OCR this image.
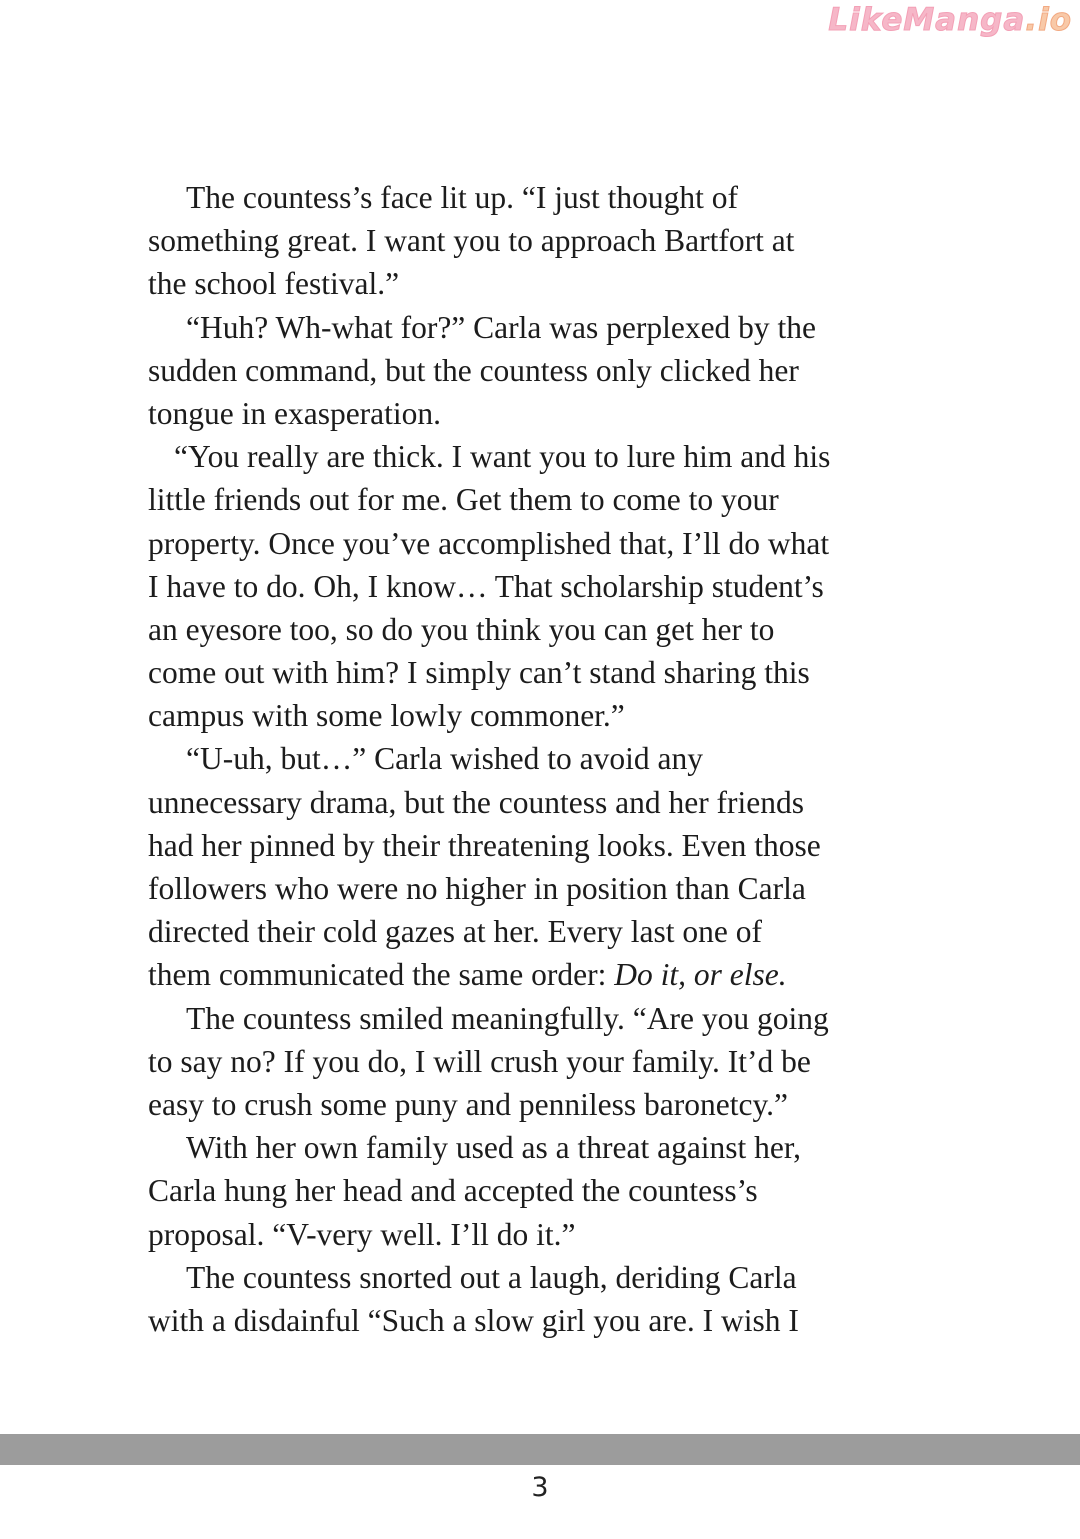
LikeManga.io
The countess’s face lit up. “I just thought of
something great. I want you to approach Bartfort at
the school festival.”
“Huh? Wh-what for?” Carla was perplexed by the
sudden command, but the countess only clicked her
tongue in exasperation.
“You really are thick. I want you to lure him and his
little friends out for me. Get them to come to your
property. Once you’ve accomplished that, I’ll do what
I have to do. Oh, I know… That scholarship student’s
an eyesore too, so do you think you can get her to
come out with him? I simply can’t stand sharing this
campus with some lowly commoner.”
“U-uh, but…” Carla wished to avoid any
unnecessary drama, but the countess and her friends
had her pinned by their threatening looks. Even those
followers who were no higher in position than Carla
directed their cold gazes at her. Every last one of
them communicated the same order: Do it, or else.
The countess smiled meaningfully. “Are you going
to say no? If you do, I will crush your family. It’d be
easy to crush some puny and penniless baronetcy.”
With her own family used as a threat against her,
Carla hung her head and accepted the countess’s
proposal. “V-very well. I’ll do it.”
The countess snorted out a laugh, deriding Carla
with a disdainful “Such a slow girl you are. I wish I
3
